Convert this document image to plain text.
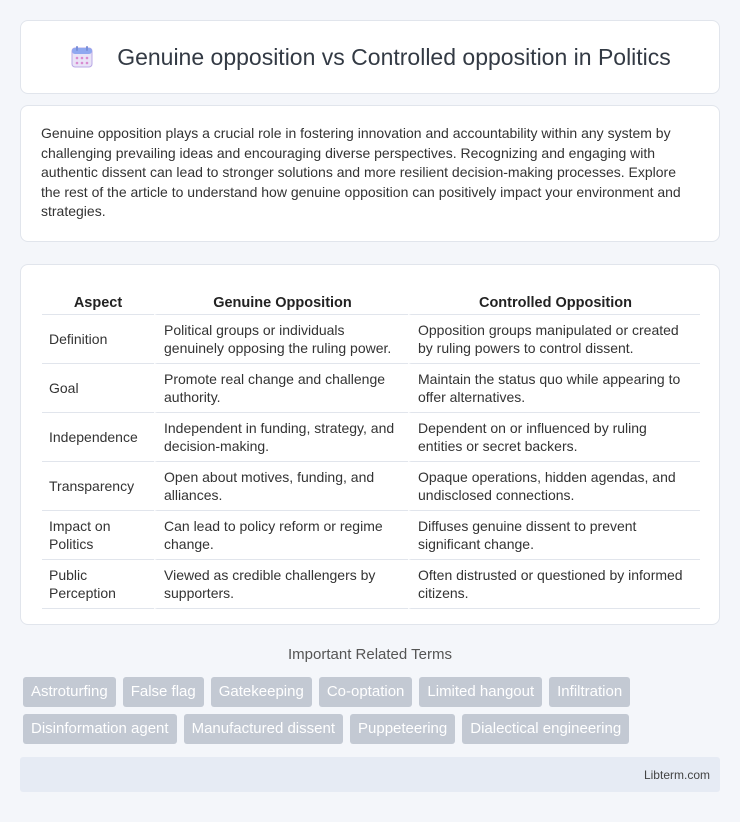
Genuine opposition vs Controlled opposition in Politics

Genuine opposition plays a crucial role in fostering innovation and accountability within any system by challenging prevailing ideas and encouraging diverse perspectives. Recognizing and engaging with authentic dissent can lead to stronger solutions and more resilient decision-making processes. Explore the rest of the article to understand how genuine opposition can positively impact your environment and strategies.

Aspect	Genuine Opposition	Controlled Opposition
Definition	Political groups or individuals genuinely opposing the ruling power.	Opposition groups manipulated or created by ruling powers to control dissent.
Goal	Promote real change and challenge authority.	Maintain the status quo while appearing to offer alternatives.
Independence	Independent in funding, strategy, and decision-making.	Dependent on or influenced by ruling entities or secret backers.
Transparency	Open about motives, funding, and alliances.	Opaque operations, hidden agendas, and undisclosed connections.
Impact on Politics	Can lead to policy reform or regime change.	Diffuses genuine dissent to prevent significant change.
Public Perception	Viewed as credible challengers by supporters.	Often distrusted or questioned by informed citizens.
Important Related Terms
Astroturfing	False flag	Gatekeeping	Co-optation	Limited hangout	Infiltration
Disinformation agent	Manufactured dissent	Puppeteering	Dialectical engineering
Libterm.com
